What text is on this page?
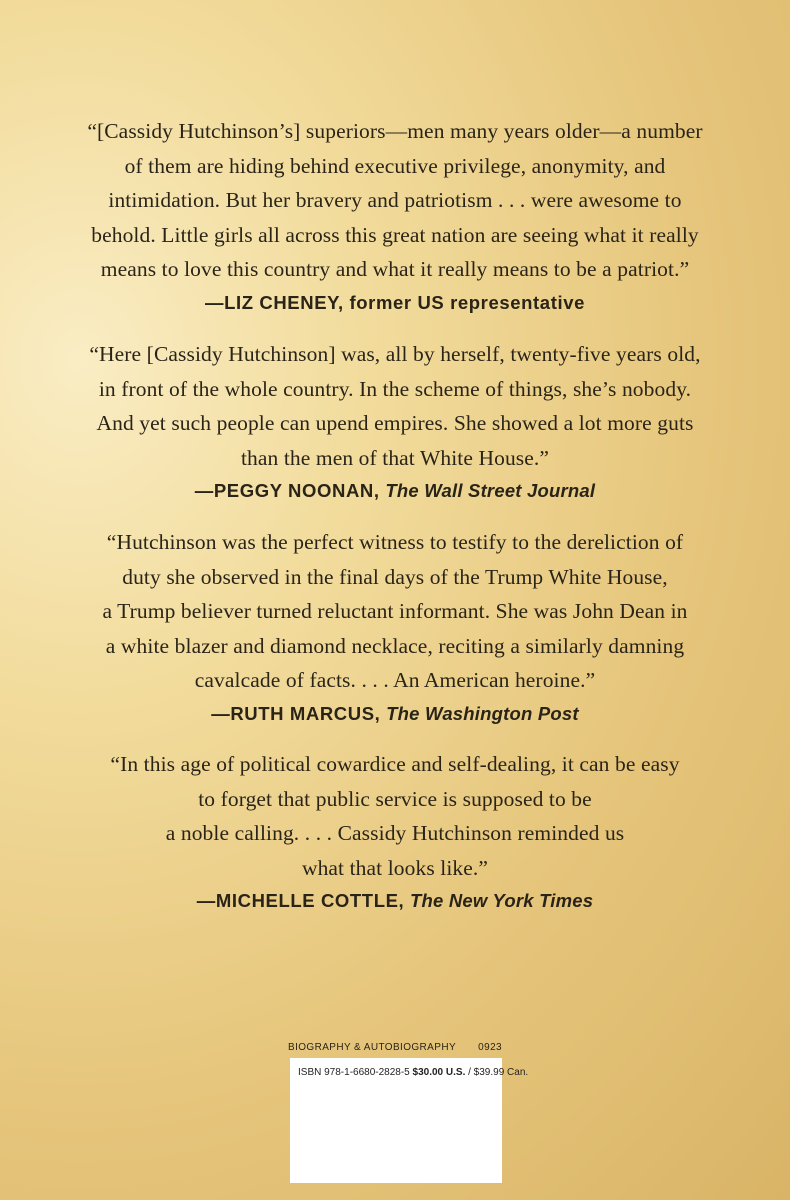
“[Cassidy Hutchinson’s] superiors—men many years older—a number
of them are hiding behind executive privilege, anonymity, and
intimidation. But her bravery and patriotism . . . were awesome to
behold. Little girls all across this great nation are seeing what it really
means to love this country and what it really means to be a patriot.”

—LIZ CHENEY, former US representative

“Here [Cassidy Hutchinson] was, all by herself, twenty-five years old,
in front of the whole country. In the scheme of things, she’s nobody.
And yet such people can upend empires. She showed a lot more guts
than the men of that White House.”

—PEGGY NOONAN, The Wall Street Journal

“Hutchinson was the perfect witness to testify to the dereliction of
duty she observed in the final days of the Trump White House,
a Trump believer turned reluctant informant. She was John Dean in
a white blazer and diamond necklace, reciting a similarly damning
cavalcade of facts. . . . An American heroine.”

—RUTH MARCUS, The Washington Post

“In this age of political cowardice and self-dealing, it can be easy
to forget that public service is supposed to be
a noble calling. . . . Cassidy Hutchinson reminded us
what that looks like.”

—MICHELLE COTTLE, The New York Times
BIOGRAPHY & AUTOBIOGRAPHY 0923
ISBN 978-1-6680-2828-5 $30.00 U.S. / $39.99 Can.
